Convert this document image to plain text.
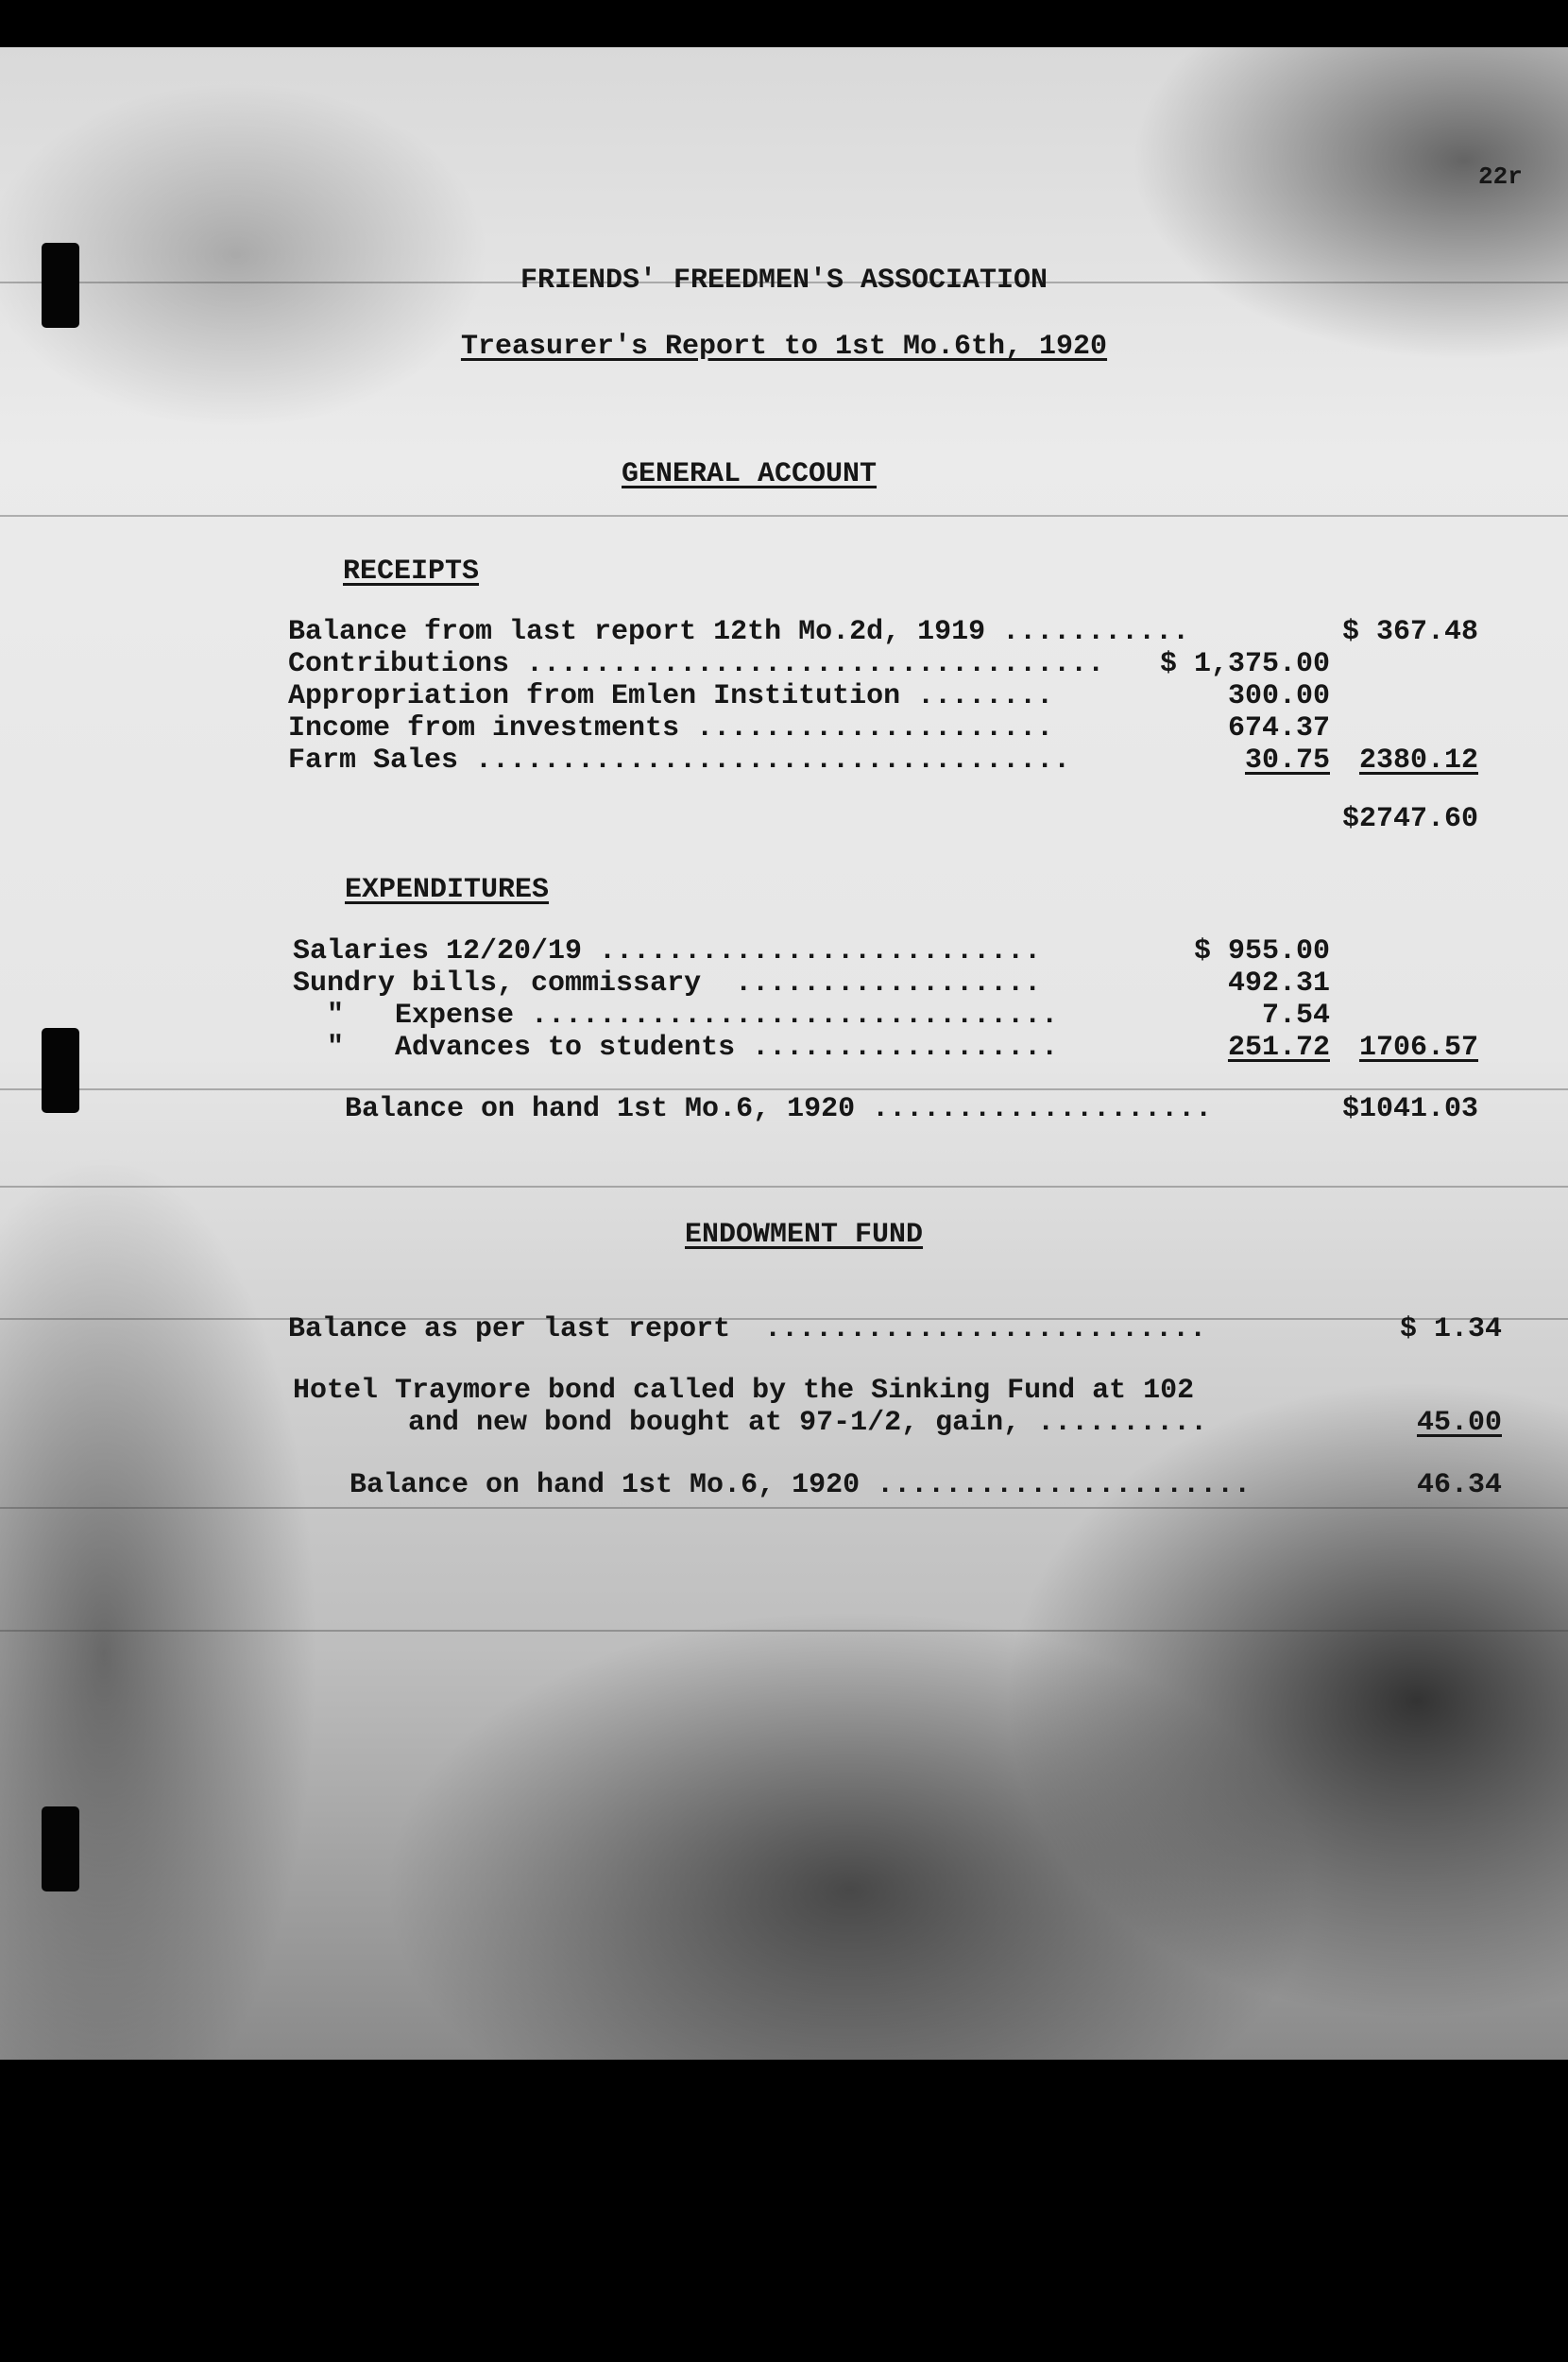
22r
FRIENDS' FREEDMEN'S ASSOCIATION
Treasurer's Report to 1st Mo.6th, 1920
GENERAL ACCOUNT
RECEIPTS
Balance from last report 12th Mo.2d, 1919 ...........	$ 367.48
Contributions .................................. $ 1,375.00
Appropriation from Emlen Institution ........	300.00
Income from investments .....................	674.37
Farm Sales ...................................	30.75 2380.12
$2747.60
EXPENDITURES
Salaries 12/20/19 ..........................	$ 955.00
Sundry bills, commissary  ..................	492.31
"   Expense ...............................	7.54
"   Advances to students ..................	251.72 1706.57
Balance on hand 1st Mo.6, 1920 ....................	$1041.03
ENDOWMENT FUND
Balance as per last report  ..........................	$ 1.34
Hotel Traymore bond called by the Sinking Fund at 102
and new bond bought at 97-1/2, gain, ..........	45.00
Balance on hand 1st Mo.6, 1920 ......................	46.34
